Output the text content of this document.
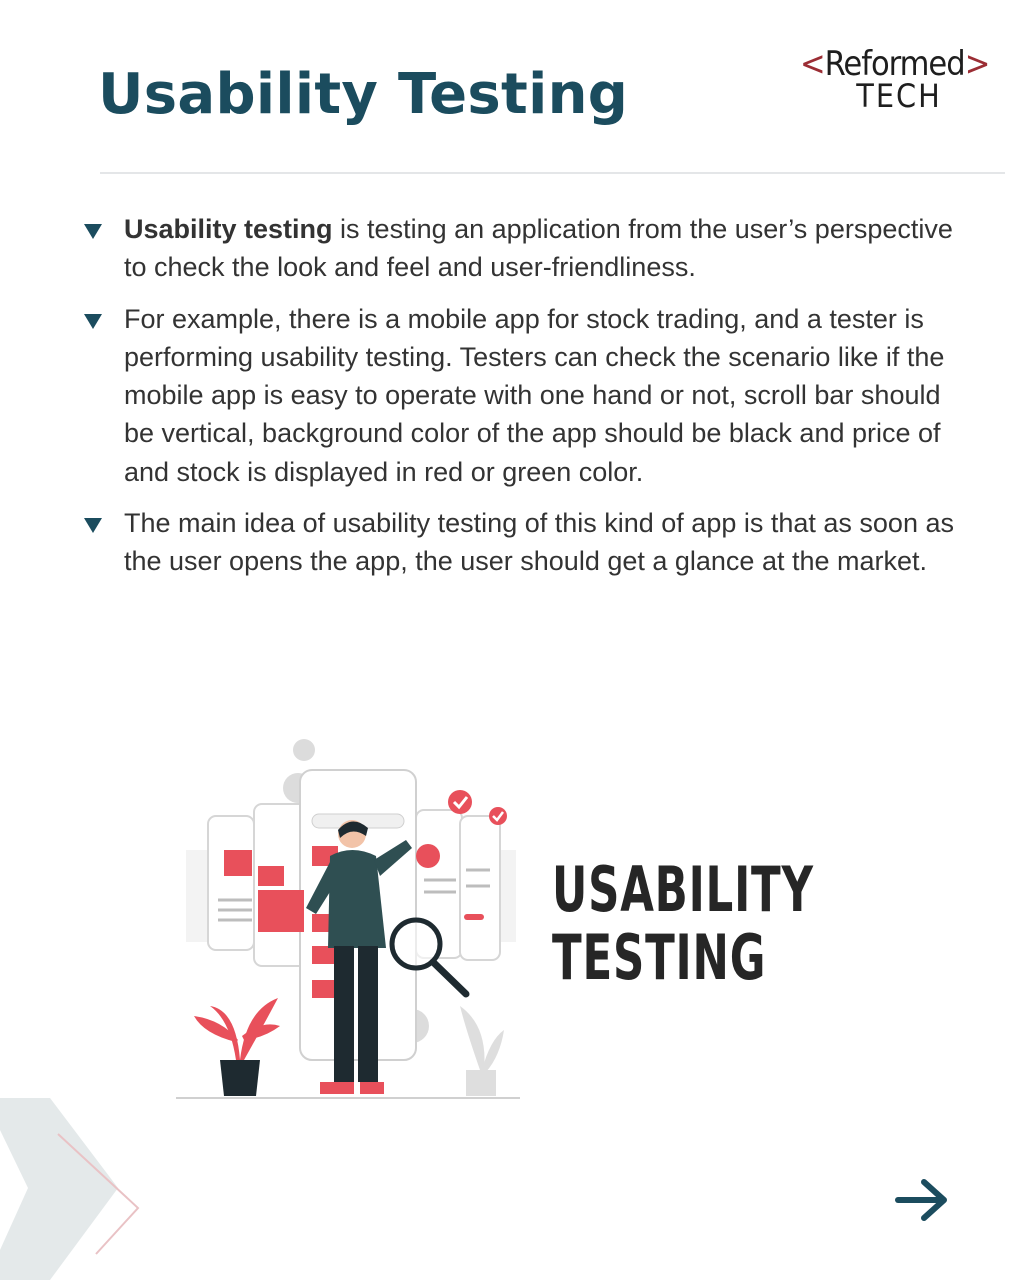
Usability Testing	<Reformed>
TECH
Usability testing is testing an application from the user’s perspective to check the look and feel and user-friendliness.
For example, there is a mobile app for stock trading, and a tester is performing usability testing. Testers can check the scenario like if the mobile app is easy to operate with one hand or not, scroll bar should be vertical, background color of the app should be black and price of and stock is displayed in red or green color.
The main idea of usability testing of this kind of app is that as soon as the user opens the app, the user should get a glance at the market.
USABILITY
TESTING
